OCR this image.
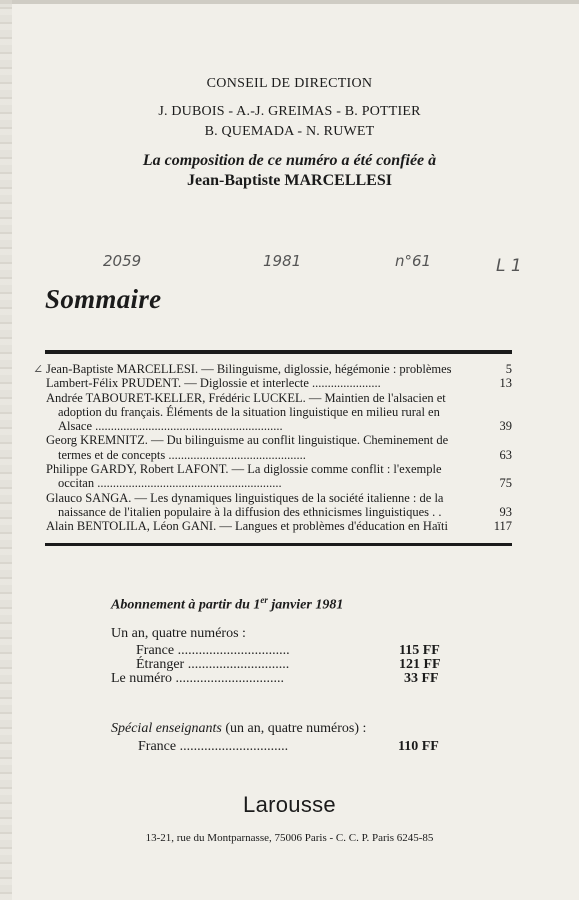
CONSEIL DE DIRECTION
J. DUBOIS - A.-J. GREIMAS - B. POTTIER
B. QUEMADA - N. RUWET
La composition de ce numéro a été confiée à
Jean-Baptiste MARCELLESI
2059	1981	n°61	L 1
Sommaire
∠ Jean-Baptiste MARCELLESI. — Bilinguisme, diglossie, hégémonie : problèmes	5
Lambert-Félix PRUDENT. — Diglossie et interlecte ......................	13
Andrée TABOURET-KELLER, Frédéric LUCKEL. — Maintien de l'alsacien et
adoption du français. Éléments de la situation linguistique en milieu rural en
Alsace ............................................................	39
Georg KREMNITZ. — Du bilinguisme au conflit linguistique. Cheminement de
termes et de concepts ............................................	63
Philippe GARDY, Robert LAFONT. — La diglossie comme conflit : l'exemple
occitan ...........................................................	75
Glauco SANGA. — Les dynamiques linguistiques de la société italienne : de la
naissance de l'italien populaire à la diffusion des ethnicismes linguistiques . .	93
Alain BENTOLILA, Léon GANI. — Langues et problèmes d'éducation en Haïti	117
Abonnement à partir du 1er janvier 1981
Un an, quatre numéros :
France ................................	115 FF
Étranger .............................	121 FF
Le numéro ...............................	33 FF
Spécial enseignants (un an, quatre numéros) :
France ...............................	110 FF
Larousse
13-21, rue du Montparnasse, 75006 Paris - C. C. P. Paris 6245-85
